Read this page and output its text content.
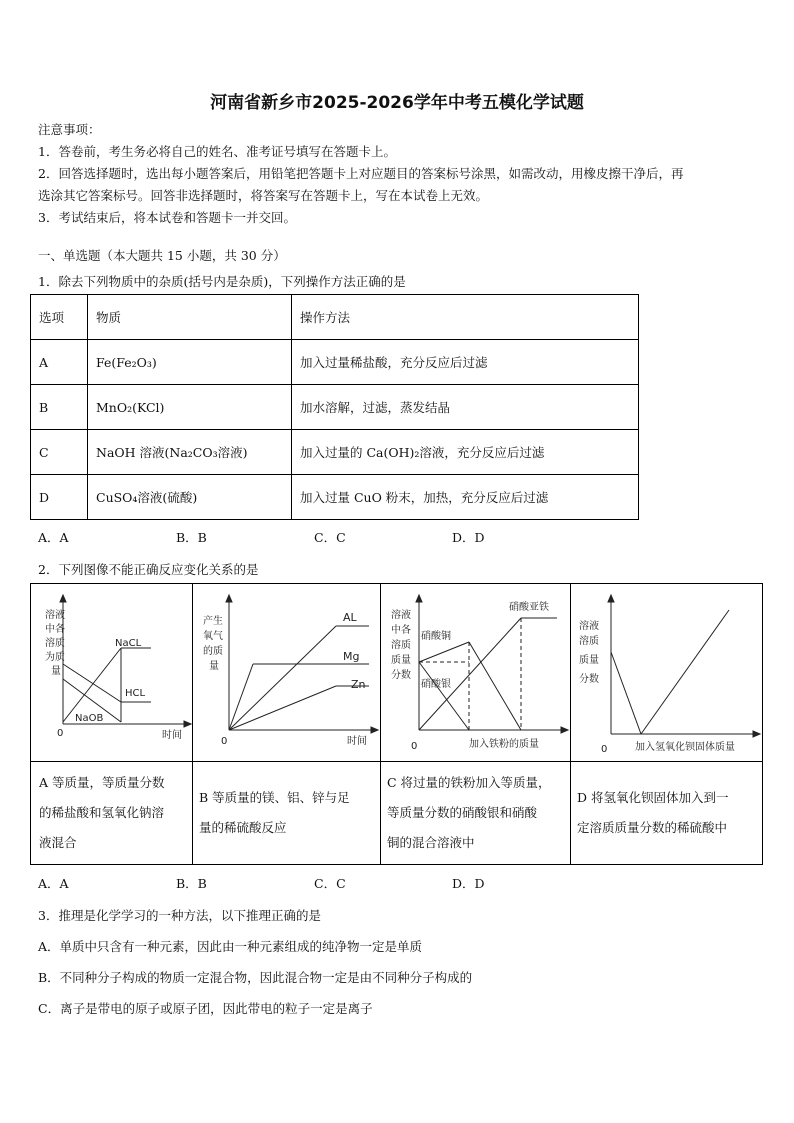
河南省新乡市2025-2026学年中考五模化学试题
注意事项：
1．答卷前，考生务必将自己的姓名、准考证号填写在答题卡上。
2．回答选择题时，选出每小题答案后，用铅笔把答题卡上对应题目的答案标号涂黑，如需改动，用橡皮擦干净后，再
选涂其它答案标号。回答非选择题时，将答案写在答题卡上，写在本试卷上无效。
3．考试结束后，将本试卷和答题卡一并交回。
一、单选题（本大题共 15 小题，共 30 分）
1．除去下列物质中的杂质(括号内是杂质)，下列操作方法正确的是
选项	物质	操作方法
A	Fe(Fe₂O₃)	加入过量稀盐酸，充分反应后过滤
B	MnO₂(KCl)	加水溶解，过滤，蒸发结晶
C	NaOH 溶液(Na₂CO₃溶液)	加入过量的 Ca(OH)₂溶液，充分反应后过滤
D	CuSO₄溶液(硫酸)	加入过量 CuO 粉末，加热，充分反应后过滤
A．A	B．B	C．C	D．D
2．下列图像不能正确反应变化关系的是
溶液
中各
溶质
为质
量
0	时间
NaCL
HCL
NaOB
产生
氧气
的质
量
0	时间
AL
Mg
Zn
溶液
中各
溶质
质量
分数
0	加入铁粉的质量
硝酸亚铁
硝酸铜
硝酸银
溶液
溶质
质量
分数
0	加入氢氧化钡固体质量
A 等质量，等质量分数
的稀盐酸和氢氧化钠溶
液混合
B 等质量的镁、铝、锌与足
量的稀硫酸反应
C 将过量的铁粉加入等质量，
等质量分数的硝酸银和硝酸
铜的混合溶液中
D 将氢氧化钡固体加入到一
定溶质质量分数的稀硫酸中
A．A	B．B	C．C	D．D
3．推理是化学学习的一种方法，以下推理正确的是
A．单质中只含有一种元素，因此由一种元素组成的纯净物一定是单质
B．不同种分子构成的物质一定混合物，因此混合物一定是由不同种分子构成的
C．离子是带电的原子或原子团，因此带电的粒子一定是离子
